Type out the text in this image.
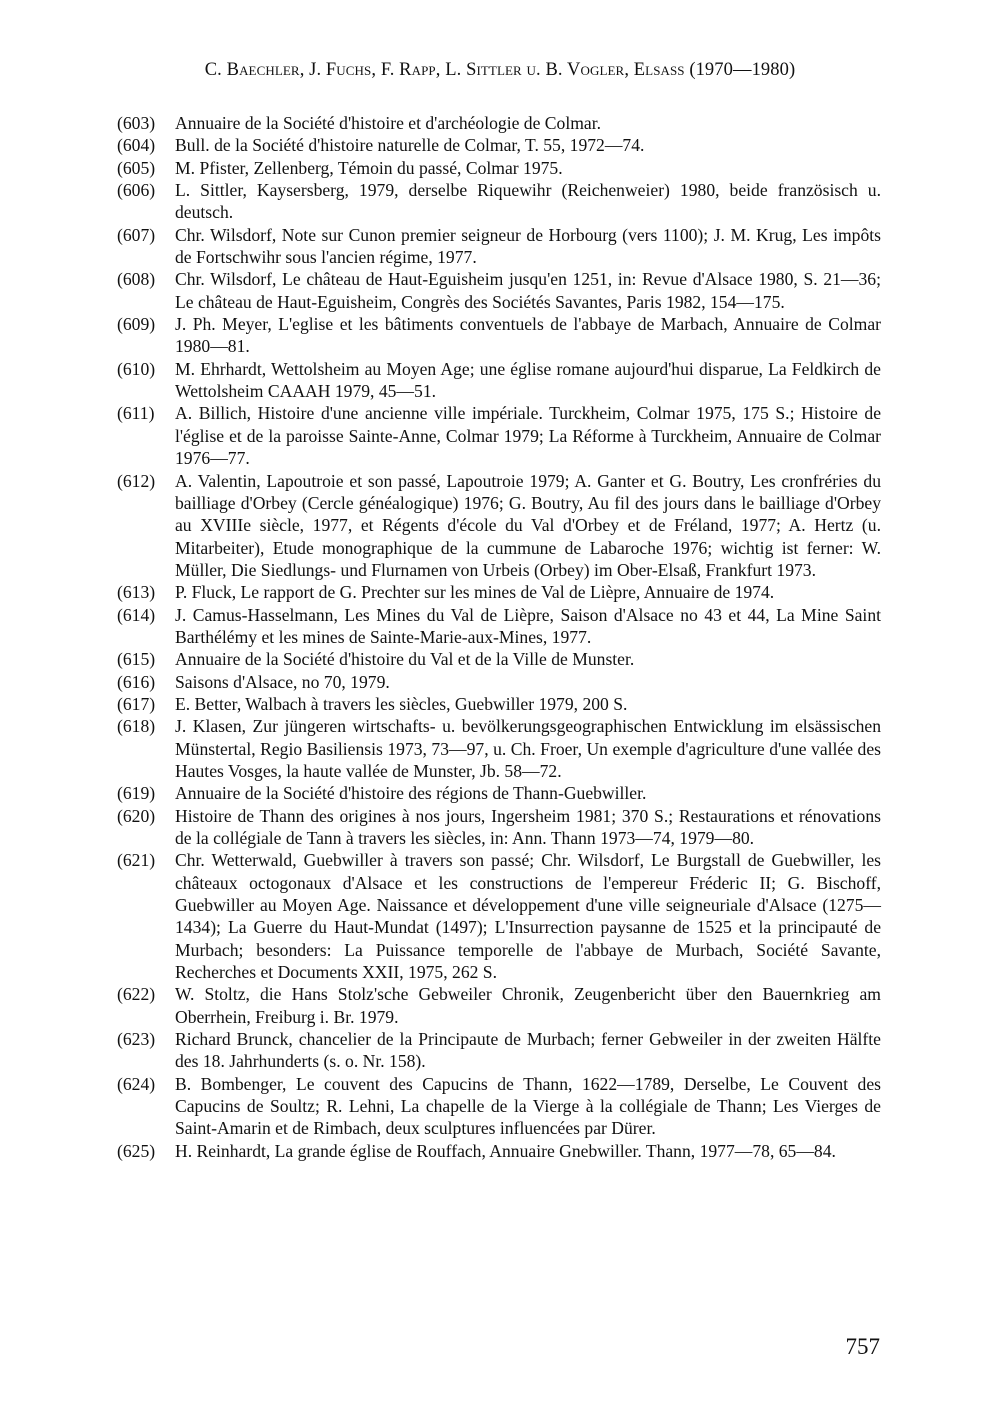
C. Baechler, J. Fuchs, F. Rapp, L. Sittler u. B. Vogler, Elsaß (1970—1980)
(603)	Annuaire de la Société d'histoire et d'archéologie de Colmar.
(604)	Bull. de la Société d'histoire naturelle de Colmar, T. 55, 1972—74.
(605)	M. Pfister, Zellenberg, Témoin du passé, Colmar 1975.
(606)	L. Sittler, Kaysersberg, 1979, derselbe Riquewihr (Reichenweier) 1980, beide französisch u. deutsch.
(607)	Chr. Wilsdorf, Note sur Cunon premier seigneur de Horbourg (vers 1100); J. M. Krug, Les impôts de Fortschwihr sous l'ancien régime, 1977.
(608)	Chr. Wilsdorf, Le château de Haut-Eguisheim jusqu'en 1251, in: Revue d'Alsace 1980, S. 21—36; Le château de Haut-Eguisheim, Congrès des Sociétés Savantes, Paris 1982, 154—175.
(609)	J. Ph. Meyer, L'eglise et les bâtiments conventuels de l'abbaye de Marbach, Annuaire de Colmar 1980—81.
(610)	M. Ehrhardt, Wettolsheim au Moyen Age; une église romane aujourd'hui disparue, La Feldkirch de Wettolsheim CAAAH 1979, 45—51.
(611)	A. Billich, Histoire d'une ancienne ville impériale. Turckheim, Colmar 1975, 175 S.; Histoire de l'église et de la paroisse Sainte-Anne, Colmar 1979; La Réforme à Turckheim, Annuaire de Colmar 1976—77.
(612)	A. Valentin, Lapoutroie et son passé, Lapoutroie 1979; A. Ganter et G. Boutry, Les cronfréries du bailliage d'Orbey (Cercle généalogique) 1976; G. Boutry, Au fil des jours dans le bailliage d'Orbey au XVIIIe siècle, 1977, et Régents d'école du Val d'Orbey et de Fréland, 1977; A. Hertz (u. Mitarbeiter), Etude monographique de la cummune de Labaroche 1976; wichtig ist ferner: W. Müller, Die Siedlungs- und Flurnamen von Urbeis (Orbey) im Ober-Elsaß, Frankfurt 1973.
(613)	P. Fluck, Le rapport de G. Prechter sur les mines de Val de Lièpre, Annuaire de 1974.
(614)	J. Camus-Hasselmann, Les Mines du Val de Lièpre, Saison d'Alsace no 43 et 44, La Mine Saint Barthélémy et les mines de Sainte-Marie-aux-Mines, 1977.
(615)	Annuaire de la Société d'histoire du Val et de la Ville de Munster.
(616)	Saisons d'Alsace, no 70, 1979.
(617)	E. Better, Walbach à travers les siècles, Guebwiller 1979, 200 S.
(618)	J. Klasen, Zur jüngeren wirtschafts- u. bevölkerungsgeographischen Entwicklung im elsässischen Münstertal, Regio Basiliensis 1973, 73—97, u. Ch. Froer, Un exemple d'agriculture d'une vallée des Hautes Vosges, la haute vallée de Munster, Jb. 58—72.
(619)	Annuaire de la Société d'histoire des régions de Thann-Guebwiller.
(620)	Histoire de Thann des origines à nos jours, Ingersheim 1981; 370 S.; Restaurations et rénovations de la collégiale de Tann à travers les siècles, in: Ann. Thann 1973—74, 1979—80.
(621)	Chr. Wetterwald, Guebwiller à travers son passé; Chr. Wilsdorf, Le Burgstall de Guebwiller, les châteaux octogonaux d'Alsace et les constructions de l'empereur Fréderic II; G. Bischoff, Guebwiller au Moyen Age. Naissance et développement d'une ville seigneuriale d'Alsace (1275—1434); La Guerre du Haut-Mundat (1497); L'Insurrection paysanne de 1525 et la principauté de Murbach; besonders: La Puissance temporelle de l'abbaye de Murbach, Société Savante, Recherches et Documents XXII, 1975, 262 S.
(622)	W. Stoltz, die Hans Stolz'sche Gebweiler Chronik, Zeugenbericht über den Bauernkrieg am Oberrhein, Freiburg i. Br. 1979.
(623)	Richard Brunck, chancelier de la Principaute de Murbach; ferner Gebweiler in der zweiten Hälfte des 18. Jahrhunderts (s. o. Nr. 158).
(624)	B. Bombenger, Le couvent des Capucins de Thann, 1622—1789, Derselbe, Le Couvent des Capucins de Soultz; R. Lehni, La chapelle de la Vierge à la collégiale de Thann; Les Vierges de Saint-Amarin et de Rimbach, deux sculptures influencées par Dürer.
(625)	H. Reinhardt, La grande église de Rouffach, Annuaire Gnebwiller. Thann, 1977—78, 65—84.
757
